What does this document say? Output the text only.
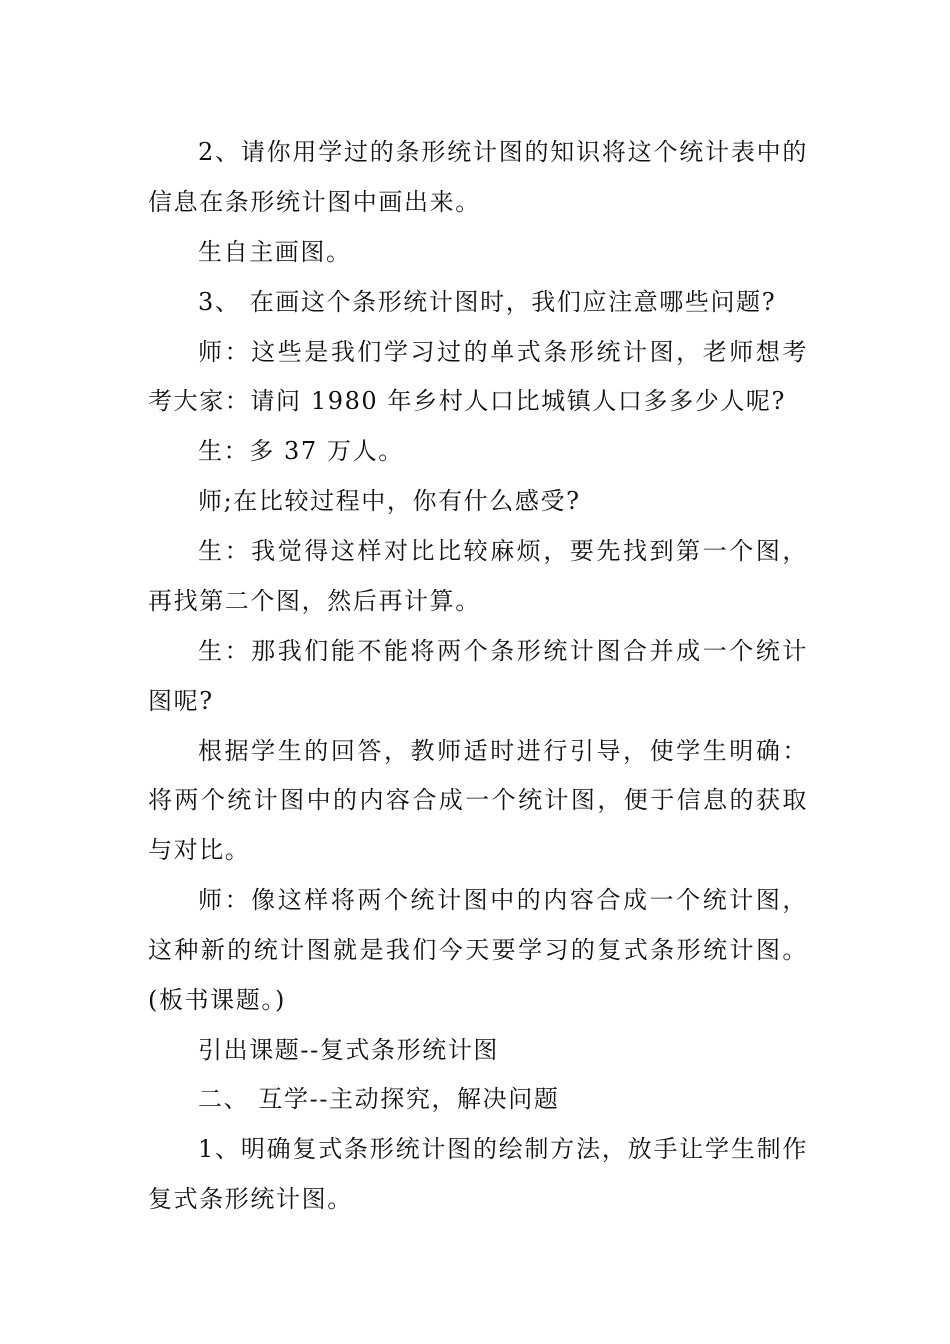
2、请你用学过的条形统计图的知识将这个统计表中的
信息在条形统计图中画出来。
生自主画图。
3、 在画这个条形统计图时，我们应注意哪些问题?
师：这些是我们学习过的单式条形统计图，老师想考
考大家：请问 1980 年乡村人口比城镇人口多多少人呢?
生：多 37 万人。
师;在比较过程中，你有什么感受?
生：我觉得这样对比比较麻烦，要先找到第一个图，
再找第二个图，然后再计算。
生：那我们能不能将两个条形统计图合并成一个统计
图呢?
根据学生的回答，教师适时进行引导，使学生明确：
将两个统计图中的内容合成一个统计图，便于信息的获取
与对比。
师：像这样将两个统计图中的内容合成一个统计图，
这种新的统计图就是我们今天要学习的复式条形统计图。
(板书课题。)
引出课题--复式条形统计图
二、 互学--主动探究，解决问题
1、明确复式条形统计图的绘制方法，放手让学生制作
复式条形统计图。
